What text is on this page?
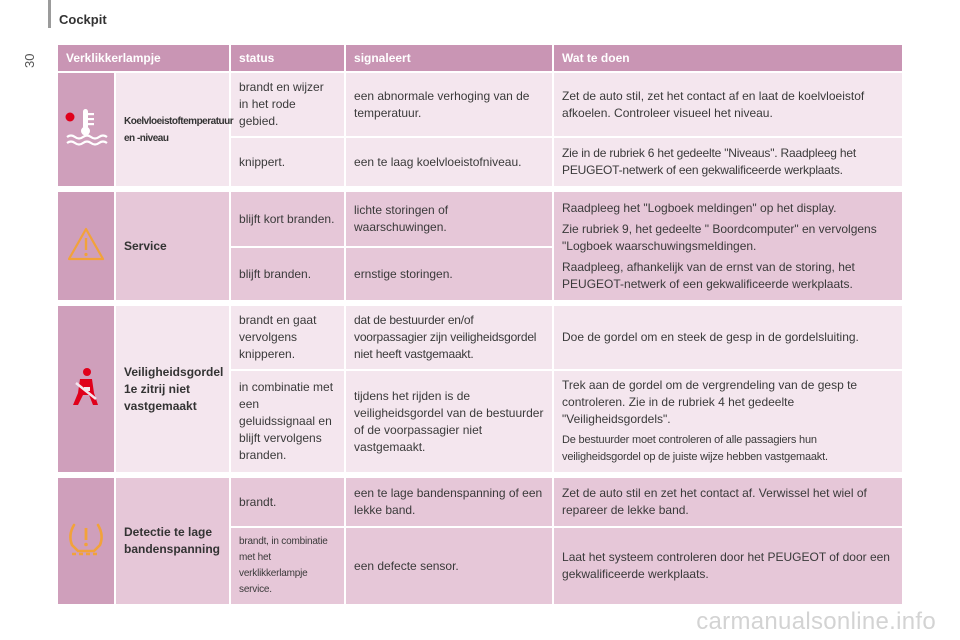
Cockpit
30 Verklikkerlampje		status	signaleert	Wat te doen
	Koelvloeistoftemperatuur en -niveau	brandt en wijzer in het rode gebied.	een abnormale verhoging van de temperatuur.	Zet de auto stil, zet het contact af en laat de koelvloeistof afkoelen. Controleer visueel het niveau.

		knippert.	een te laag koelvloeistofniveau.	Zie in de rubriek 6 het gedeelte "Niveaus". Raadpleeg het PEUGEOT-netwerk of een gekwalificeerde werkplaats.

	Service	blijft kort branden.	lichte storingen of waarschuwingen.	Raadpleeg het "Logboek meldingen" op het display.
Zie rubriek 9, het gedeelte " Boordcomputer" en vervolgens "Logboek waarschuwingsmeldingen.
Raadpleeg, afhankelijk van de ernst van de storing, het PEUGEOT-netwerk of een gekwalificeerde werkplaats.

		blijft branden.	ernstige storingen.	

	Veiligheidsgordel 1e zitrij niet vastgemaakt	brandt en gaat vervolgens knipperen.	dat de bestuurder en/of voorpassagier zijn veiligheidsgordel niet heeft vastgemaakt.	Doe de gordel om en steek de gesp in de gordelsluiting.

		in combinatie met een geluidssignaal en blijft vervolgens branden.	tijdens het rijden is de veiligheidsgordel van de bestuurder of de voorpassagier niet vastgemaakt.	Trek aan de gordel om de vergrendeling van de gesp te controleren. Zie in de rubriek 4 het gedeelte "Veiligheidsgordels".
De bestuurder moet controleren of alle passagiers hun veiligheidsgordel op de juiste wijze hebben vastgemaakt.

	Detectie te lage bandenspanning	brandt.	een te lage bandenspanning of een lekke band.	Zet de auto stil en zet het contact af. Verwissel het wiel of repareer de lekke band.

		brandt, in combinatie met het verklikkerlampje service.	een defecte sensor.	Laat het systeem controleren door het PEUGEOT of door een gekwalificeerde werkplaats.
carmanualsonline.info
